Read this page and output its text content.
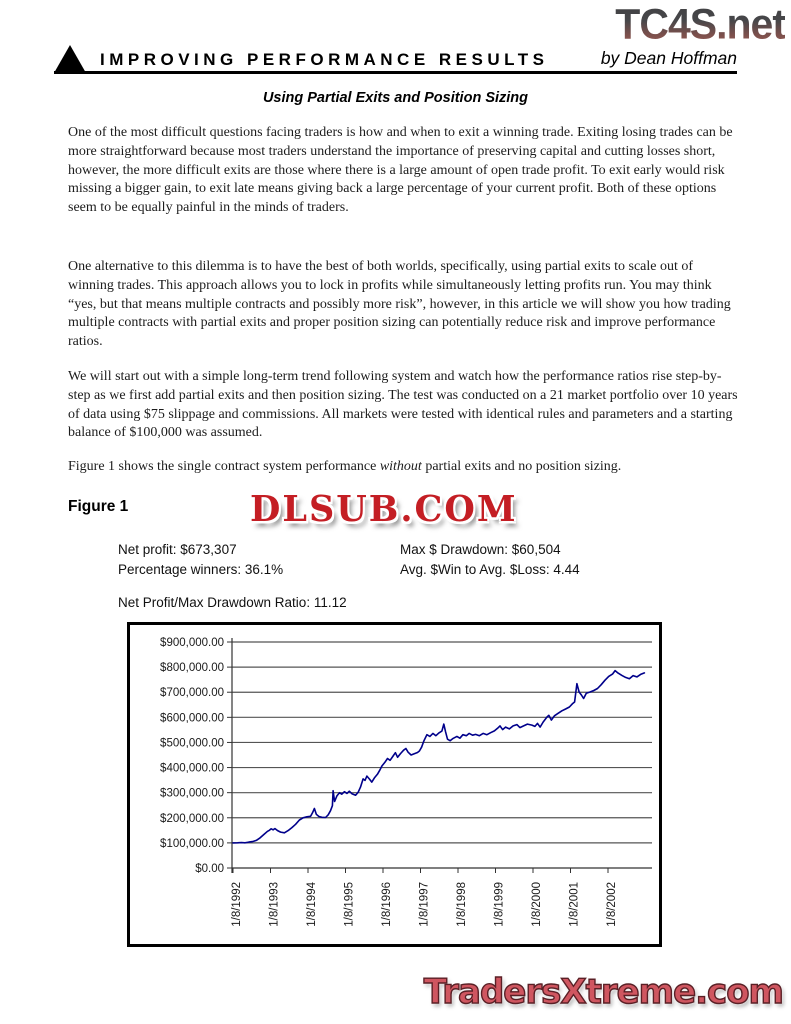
TC4S.net
IMPROVING PERFORMANCE RESULTS	by Dean Hoffman
Using Partial Exits and Position Sizing

One of the most difficult questions facing traders is how and when to exit a winning trade. Exiting losing trades can be more straightforward because most traders understand the importance of preserving capital and cutting losses short, however, the more difficult exits are those where there is a large amount of open trade profit. To exit early would risk missing a bigger gain, to exit late means giving back a large percentage of your current profit. Both of these options seem to be equally painful in the minds of traders.

One alternative to this dilemma is to have the best of both worlds, specifically, using partial exits to scale out of winning trades. This approach allows you to lock in profits while simultaneously letting profits run. You may think “yes, but that means multiple contracts and possibly more risk”, however, in this article we will show you how trading multiple contracts with partial exits and proper position sizing can potentially reduce risk and improve performance ratios.

We will start out with a simple long-term trend following system and watch how the performance ratios rise step-by-step as we first add partial exits and then position sizing. The test was conducted on a 21 market portfolio over 10 years of data using $75 slippage and commissions. All markets were tested with identical rules and parameters and a starting balance of $100,000 was assumed.

Figure 1 shows the single contract system performance without partial exits and no position sizing.

Figure 1	DLSUB.COM
Net profit: $673,307	Max $ Drawdown: $60,504
Percentage winners: 36.1%	Avg. $Win to Avg. $Loss: 4.44
Net Profit/Max Drawdown Ratio: 11.12
$0.00
$100,000.00
$200,000.00
$300,000.00
$400,000.00
$500,000.00
$600,000.00
$700,000.00
$800,000.00
$900,000.00
1/8/1992 1/8/1993 1/8/1994 1/8/1995 1/8/1996 1/8/1997 1/8/1998 1/8/1999 1/8/2000 1/8/2001 1/8/2002
TradersXtreme.com
